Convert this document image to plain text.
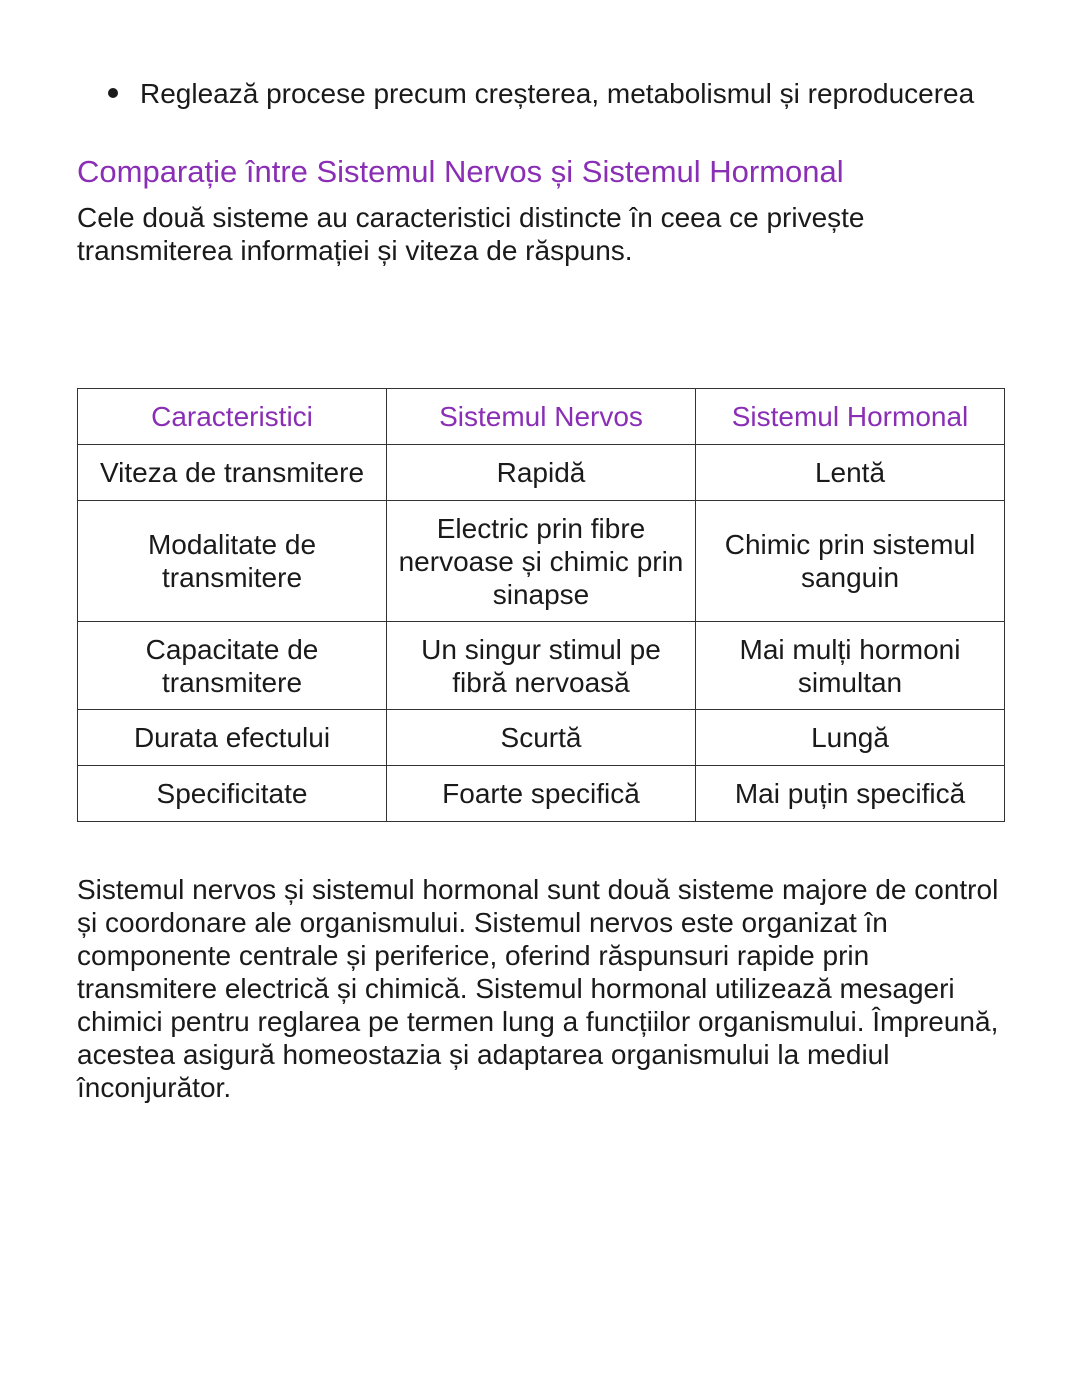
Reglează procese precum creșterea, metabolismul și reproducerea
Comparație între Sistemul Nervos și Sistemul Hormonal
Cele două sisteme au caracteristici distincte în ceea ce privește transmiterea informației și viteza de răspuns.
Caracteristici	Sistemul Nervos	Sistemul Hormonal
Viteza de transmitere	Rapidă	Lentă
Modalitate de transmitere	Electric prin fibre nervoase și chimic prin sinapse	Chimic prin sistemul sanguin
Capacitate de transmitere	Un singur stimul pe fibră nervoasă	Mai mulți hormoni simultan
Durata efectului	Scurtă	Lungă
Specificitate	Foarte specifică	Mai puțin specifică
Sistemul nervos și sistemul hormonal sunt două sisteme majore de control și coordonare ale organismului. Sistemul nervos este organizat în componente centrale și periferice, oferind răspunsuri rapide prin transmitere electrică și chimică. Sistemul hormonal utilizează mesageri chimici pentru reglarea pe termen lung a funcțiilor organismului. Împreună, acestea asigură homeostazia și adaptarea organismului la mediul înconjurător.
